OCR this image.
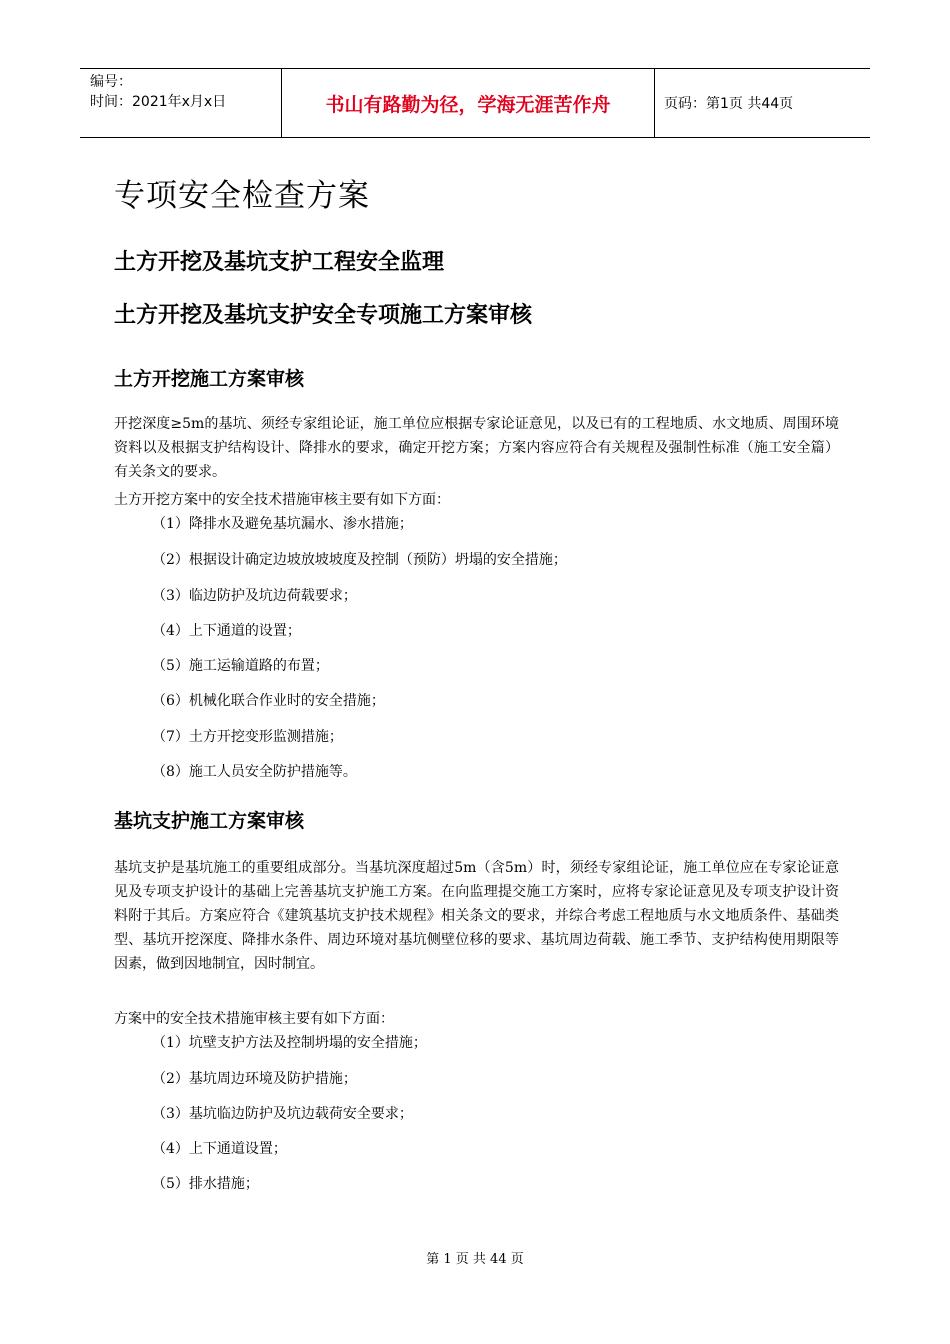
编号：
时间：2021年x月x日	书山有路勤为径，学海无涯苦作舟	页码：第1页 共44页
专项安全检查方案
土方开挖及基坑支护工程安全监理
土方开挖及基坑支护安全专项施工方案审核
土方开挖施工方案审核

开挖深度≥5m的基坑、须经专家组论证，施工单位应根据专家论证意见，以及已有的工程地质、水文地质、周围环境资料以及根据支护结构设计、降排水的要求，确定开挖方案；方案内容应符合有关规程及强制性标准（施工安全篇）有关条文的要求。

土方开挖方案中的安全技术措施审核主要有如下方面：

（1）降排水及避免基坑漏水、渗水措施；

（2）根据设计确定边坡放坡坡度及控制（预防）坍塌的安全措施；

（3）临边防护及坑边荷载要求；

（4）上下通道的设置；

（5）施工运输道路的布置；

（6）机械化联合作业时的安全措施；

（7）土方开挖变形监测措施；

（8）施工人员安全防护措施等。

基坑支护施工方案审核

基坑支护是基坑施工的重要组成部分。当基坑深度超过5m（含5m）时，须经专家组论证，施工单位应在专家论证意见及专项支护设计的基础上完善基坑支护施工方案。在向监理提交施工方案时，应将专家论证意见及专项支护设计资料附于其后。方案应符合《建筑基坑支护技术规程》相关条文的要求，并综合考虑工程地质与水文地质条件、基础类型、基坑开挖深度、降排水条件、周边环境对基坑侧壁位移的要求、基坑周边荷载、施工季节、支护结构使用期限等因素，做到因地制宜，因时制宜。

方案中的安全技术措施审核主要有如下方面：

（1）坑壁支护方法及控制坍塌的安全措施；

（2）基坑周边环境及防护措施；

（3）基坑临边防护及坑边载荷安全要求；

（4）上下通道设置；

（5）排水措施；

第 1 页 共 44 页
